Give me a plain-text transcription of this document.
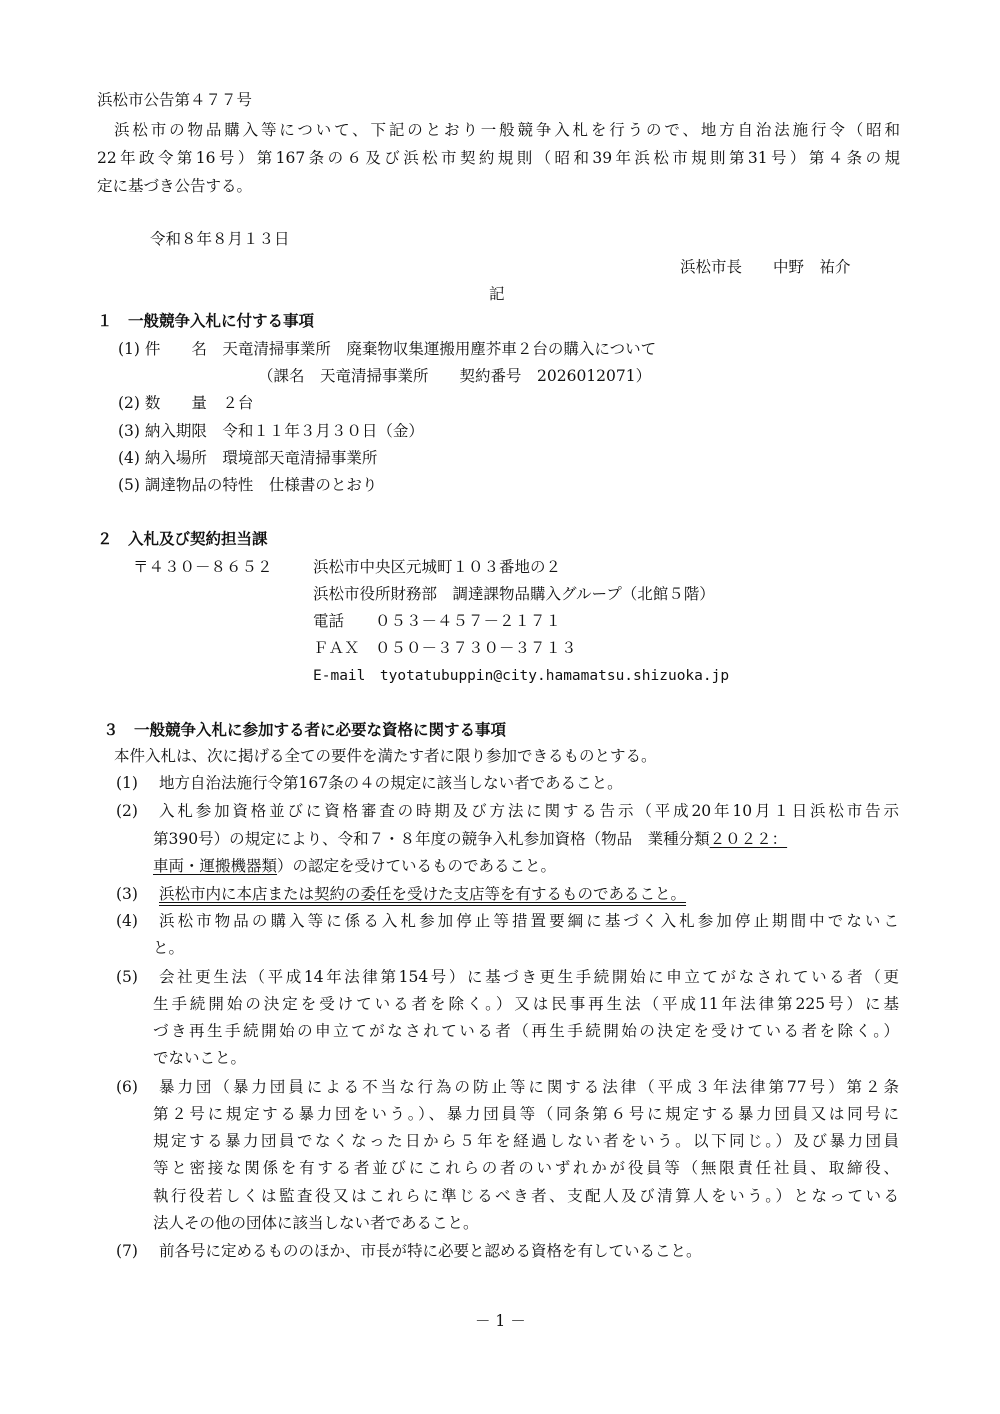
浜松市公告第４７７号
浜松市の物品購入等について、下記のとおり一般競争入札を行うので、地方自治法施行令（昭和
22年政令第16号）第167条の６及び浜松市契約規則（昭和39年浜松市規則第31号）第４条の規
定に基づき公告する。
令和８年８月１３日
浜松市長　　中野　祐介
記
１　一般競争入札に付する事項
(1) 件　　名　天竜清掃事業所　廃棄物収集運搬用塵芥車２台の購入について
（課名　天竜清掃事業所　　契約番号　2026012071）
(2) 数　　量　２台
(3) 納入期限　令和１１年３月３０日（金）
(4) 納入場所　環境部天竜清掃事業所
(5) 調達物品の特性　仕様書のとおり
２　入札及び契約担当課
〒４３０－８６５２	浜松市中央区元城町１０３番地の２
浜松市役所財務部　調達課物品購入グループ（北館５階）
電話　　０５３－４５７－２１７１
ＦＡＸ　０５０－３７３０－３７１３
E-mail　tyotatubuppin@city.hamamatsu.shizuoka.jp
３　一般競争入札に参加する者に必要な資格に関する事項
本件入札は、次に掲げる全ての要件を満たす者に限り参加できるものとする。
(1) 地方自治法施行令第167条の４の規定に該当しない者であること。
(2) 入札参加資格並びに資格審査の時期及び方法に関する告示（平成20年10月１日浜松市告示
第390号）の規定により、令和７・８年度の競争入札参加資格（物品　業種分類２０２２：
車両・運搬機器類）の認定を受けているものであること。
(3) 浜松市内に本店または契約の委任を受けた支店等を有するものであること。
(4) 浜松市物品の購入等に係る入札参加停止等措置要綱に基づく入札参加停止期間中でないこ
と。
(5) 会社更生法（平成14年法律第154号）に基づき更生手続開始に申立てがなされている者（更
生手続開始の決定を受けている者を除く。）又は民事再生法（平成11年法律第225号）に基
づき再生手続開始の申立てがなされている者（再生手続開始の決定を受けている者を除く。）
でないこと。
(6) 暴力団（暴力団員による不当な行為の防止等に関する法律（平成３年法律第77号）第２条
第２号に規定する暴力団をいう。）、暴力団員等（同条第６号に規定する暴力団員又は同号に
規定する暴力団員でなくなった日から５年を経過しない者をいう。以下同じ。）及び暴力団員
等と密接な関係を有する者並びにこれらの者のいずれかが役員等（無限責任社員、取締役、
執行役若しくは監査役又はこれらに準じるべき者、支配人及び清算人をいう。）となっている
法人その他の団体に該当しない者であること。
(7) 前各号に定めるもののほか、市長が特に必要と認める資格を有していること。
－ 1 －
